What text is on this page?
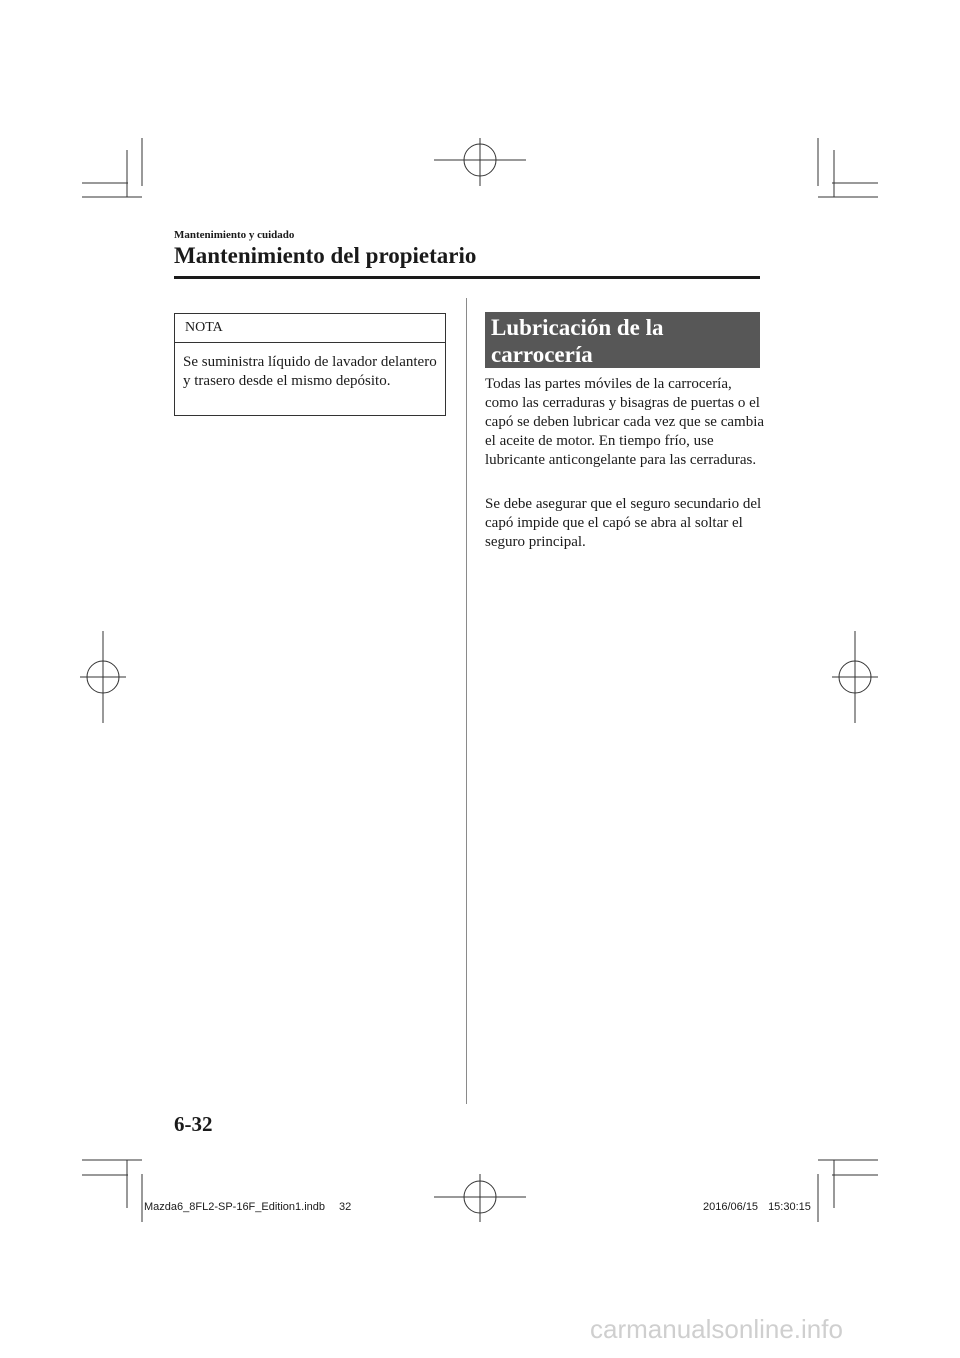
Mantenimiento y cuidado

Mantenimiento del propietario
NOTA

Se suministra líquido de lavador delantero y trasero desde el mismo depósito.

Lubricación de la
carrocería

Todas las partes móviles de la carrocería, como las cerraduras y bisagras de puertas o el capó se deben lubricar cada vez que se cambia el aceite de motor. En tiempo frío, use lubricante anticongelante para las cerraduras.

Se debe asegurar que el seguro secundario del capó impide que el capó se abra al soltar el seguro principal.

6-32

Mazda6_8FL2-SP-16F_Edition1.indb 32	2016/06/15 15:30:15

carmanualsonline.info
